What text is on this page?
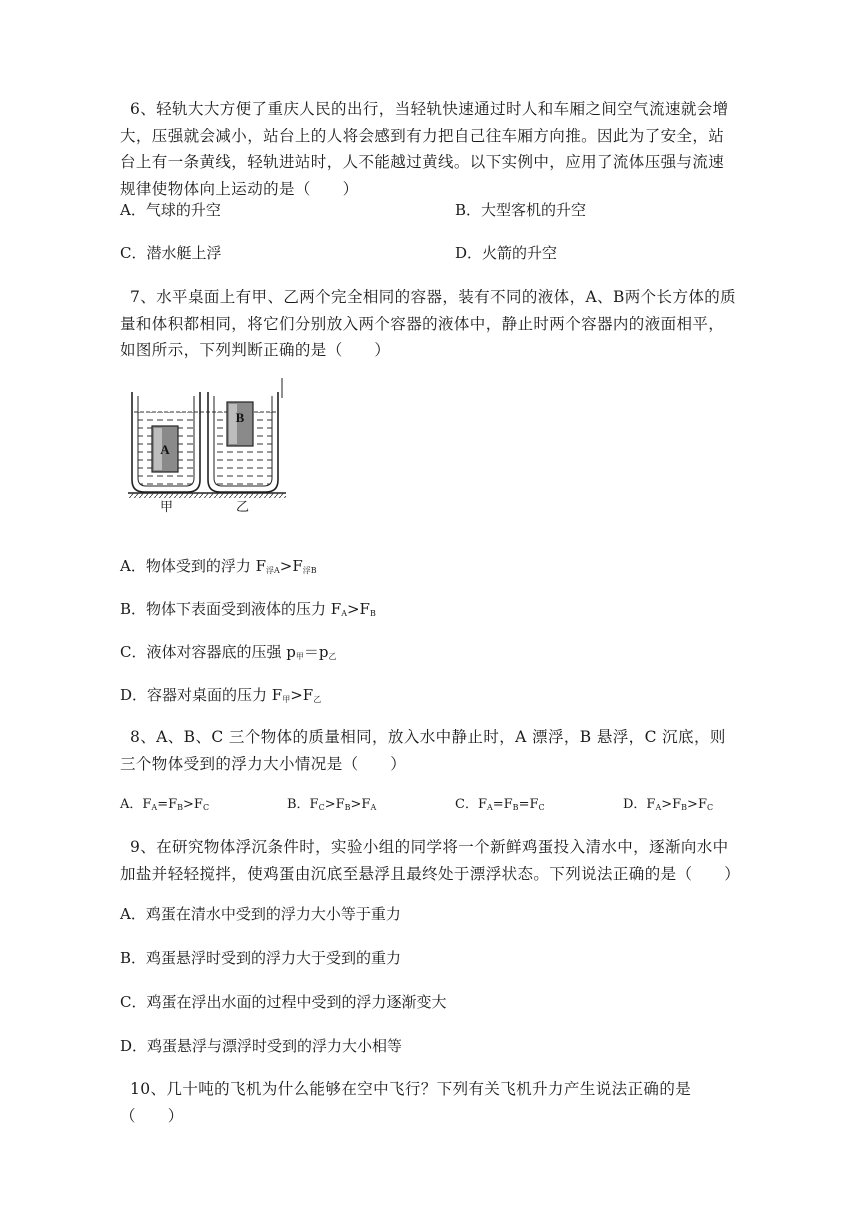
6、轻轨大大方便了重庆人民的出行，当轻轨快速通过时人和车厢之间空气流速就会增大，压强就会减小，站台上的人将会感到有力把自己往车厢方向推。因此为了安全，站台上有一条黄线，轻轨进站时，人不能越过黄线。以下实例中，应用了流体压强与流速规律使物体向上运动的是（　　）
A．气球的升空	B．大型客机的升空
C．潜水艇上浮	D．火箭的升空
7、水平桌面上有甲、乙两个完全相同的容器，装有不同的液体，A、B两个长方体的质量和体积都相同，将它们分别放入两个容器的液体中，静止时两个容器内的液面相平，如图所示，下列判断正确的是（　　）
A
B
甲	乙
A．物体受到的浮力 F浮A>F浮B
B．物体下表面受到液体的压力 FA>FB
C．液体对容器底的压强 p甲＝p乙
D．容器对桌面的压力 F甲>F乙
8、A、B、C 三个物体的质量相同，放入水中静止时，A 漂浮，B 悬浮，C 沉底，则三个物体受到的浮力大小情况是（　　）
A．FA=FB>FC	B．FC>FB>FA	C．FA=FB=FC	D．FA>FB>FC
9、在研究物体浮沉条件时，实验小组的同学将一个新鲜鸡蛋投入清水中，逐渐向水中加盐并轻轻搅拌，使鸡蛋由沉底至悬浮且最终处于漂浮状态。下列说法正确的是（　　）
A．鸡蛋在清水中受到的浮力大小等于重力
B．鸡蛋悬浮时受到的浮力大于受到的重力
C．鸡蛋在浮出水面的过程中受到的浮力逐渐变大
D．鸡蛋悬浮与漂浮时受到的浮力大小相等
10、几十吨的飞机为什么能够在空中飞行？下列有关飞机升力产生说法正确的是（　　）
